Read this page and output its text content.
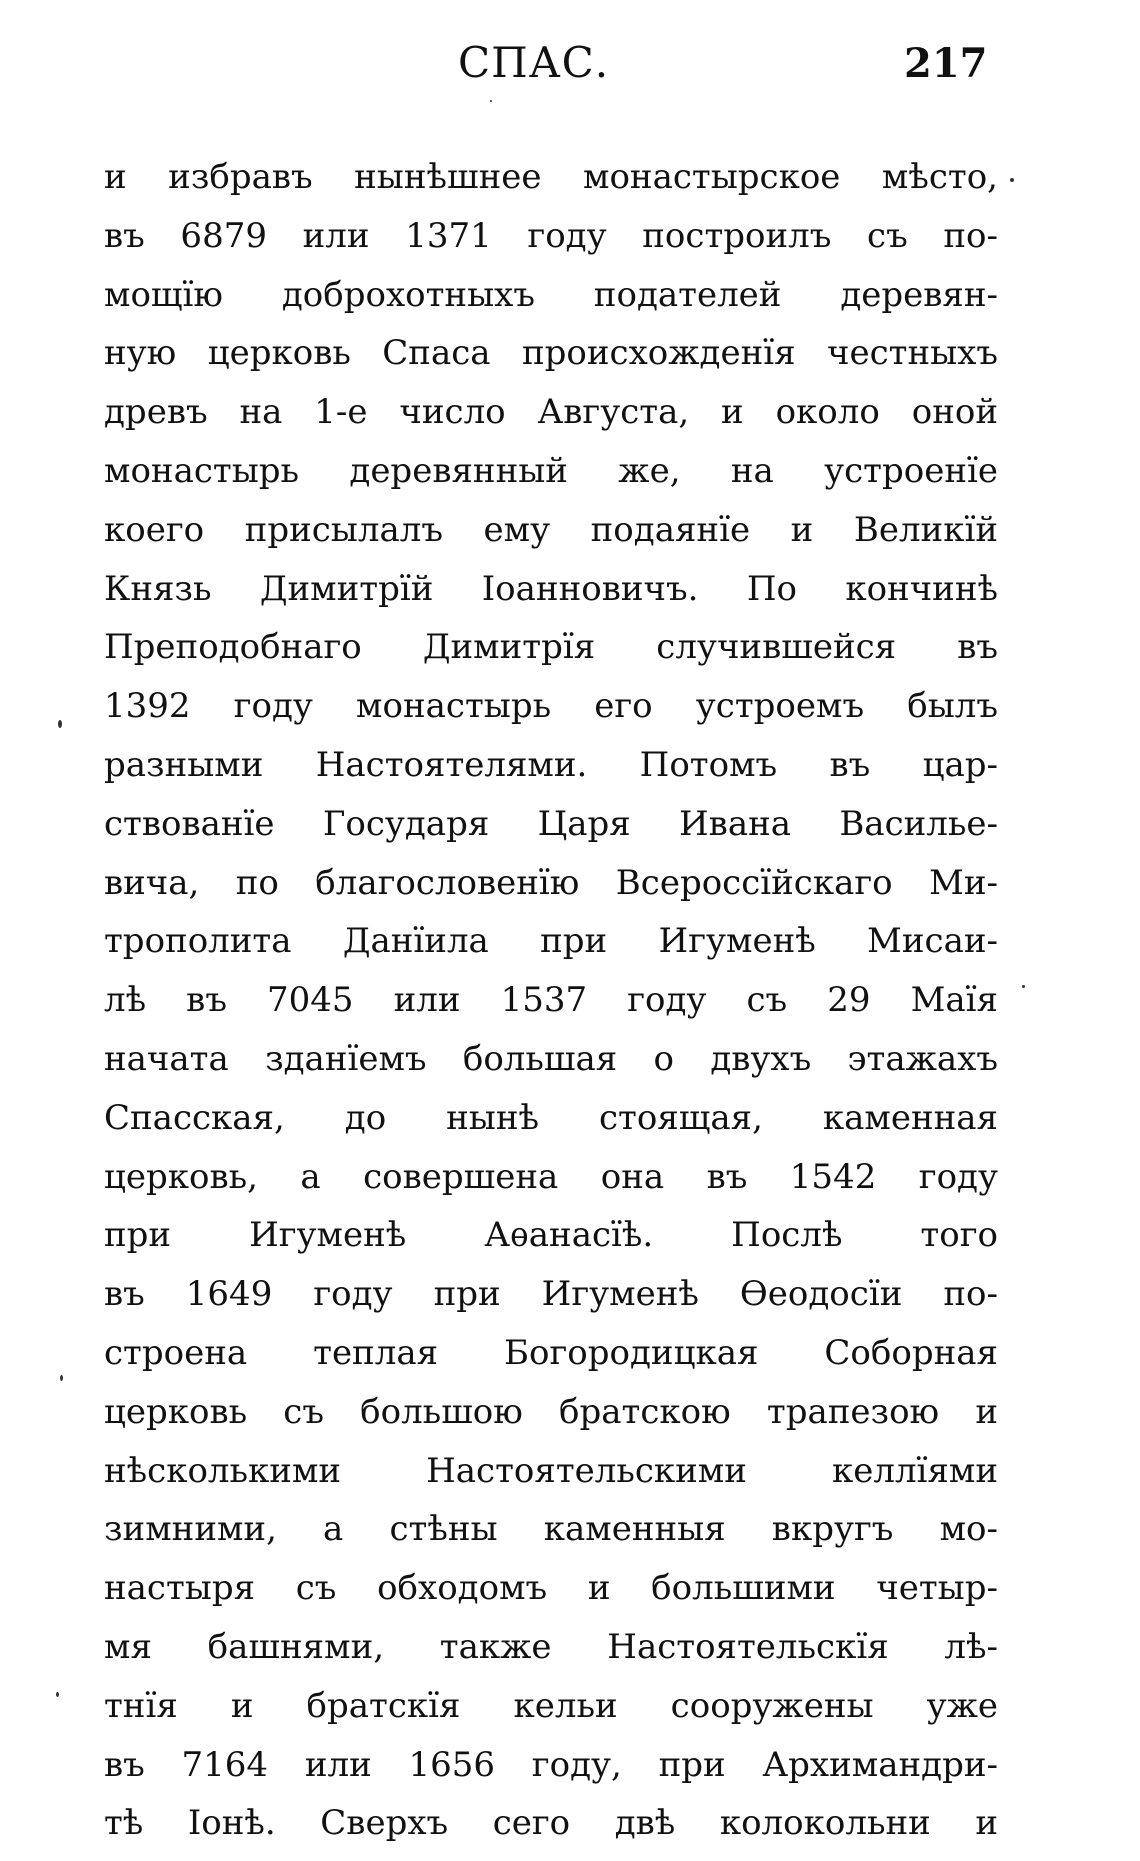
СПАС.	217
и избравъ нынѣшнее монастырское мѣсто,
въ 6879 или 1371 году построилъ съ по-
мощїю доброхотныхъ подателей деревян-
ную церковь Спаса происхожденїя честныхъ
древъ на 1-е число Августа, и около оной
монастырь деревянный же, на устроенїе
коего присылалъ ему подаянїе и Великїй
Князь Димитрїй Іоанновичъ. По кончинѣ
Преподобнаго Димитрїя случившейся въ
1392 году монастырь его устроемъ былъ
разными Настоятелями. Потомъ въ цар-
ствованїе Государя Царя Ивана Василье-
вича, по благословенїю Всероссїйскаго Ми-
трополита Данїила при Игуменѣ Мисаи-
лѣ въ 7045 или 1537 году съ 29 Маїя
начата зданїемъ большая о двухъ этажахъ
Спасская, до нынѣ стоящая, каменная
церковь, а совершена она въ 1542 году
при Игуменѣ Аѳанасїѣ. Послѣ того
въ 1649 году при Игуменѣ Ѳеодосїи по-
строена теплая Богородицкая Соборная
церковь съ большою братскою трапезою и
нѣсколькими Настоятельскими келлїями
зимними, а стѣны каменныя вкругъ мо-
настыря съ обходомъ и большими четыр-
мя башнями, также Настоятельскїя лѣ-
тнїя и братскїя кельи сооружены уже
въ 7164 или 1656 году, при Архимандри-
тѣ Іонѣ. Сверхъ сего двѣ колокольни и
